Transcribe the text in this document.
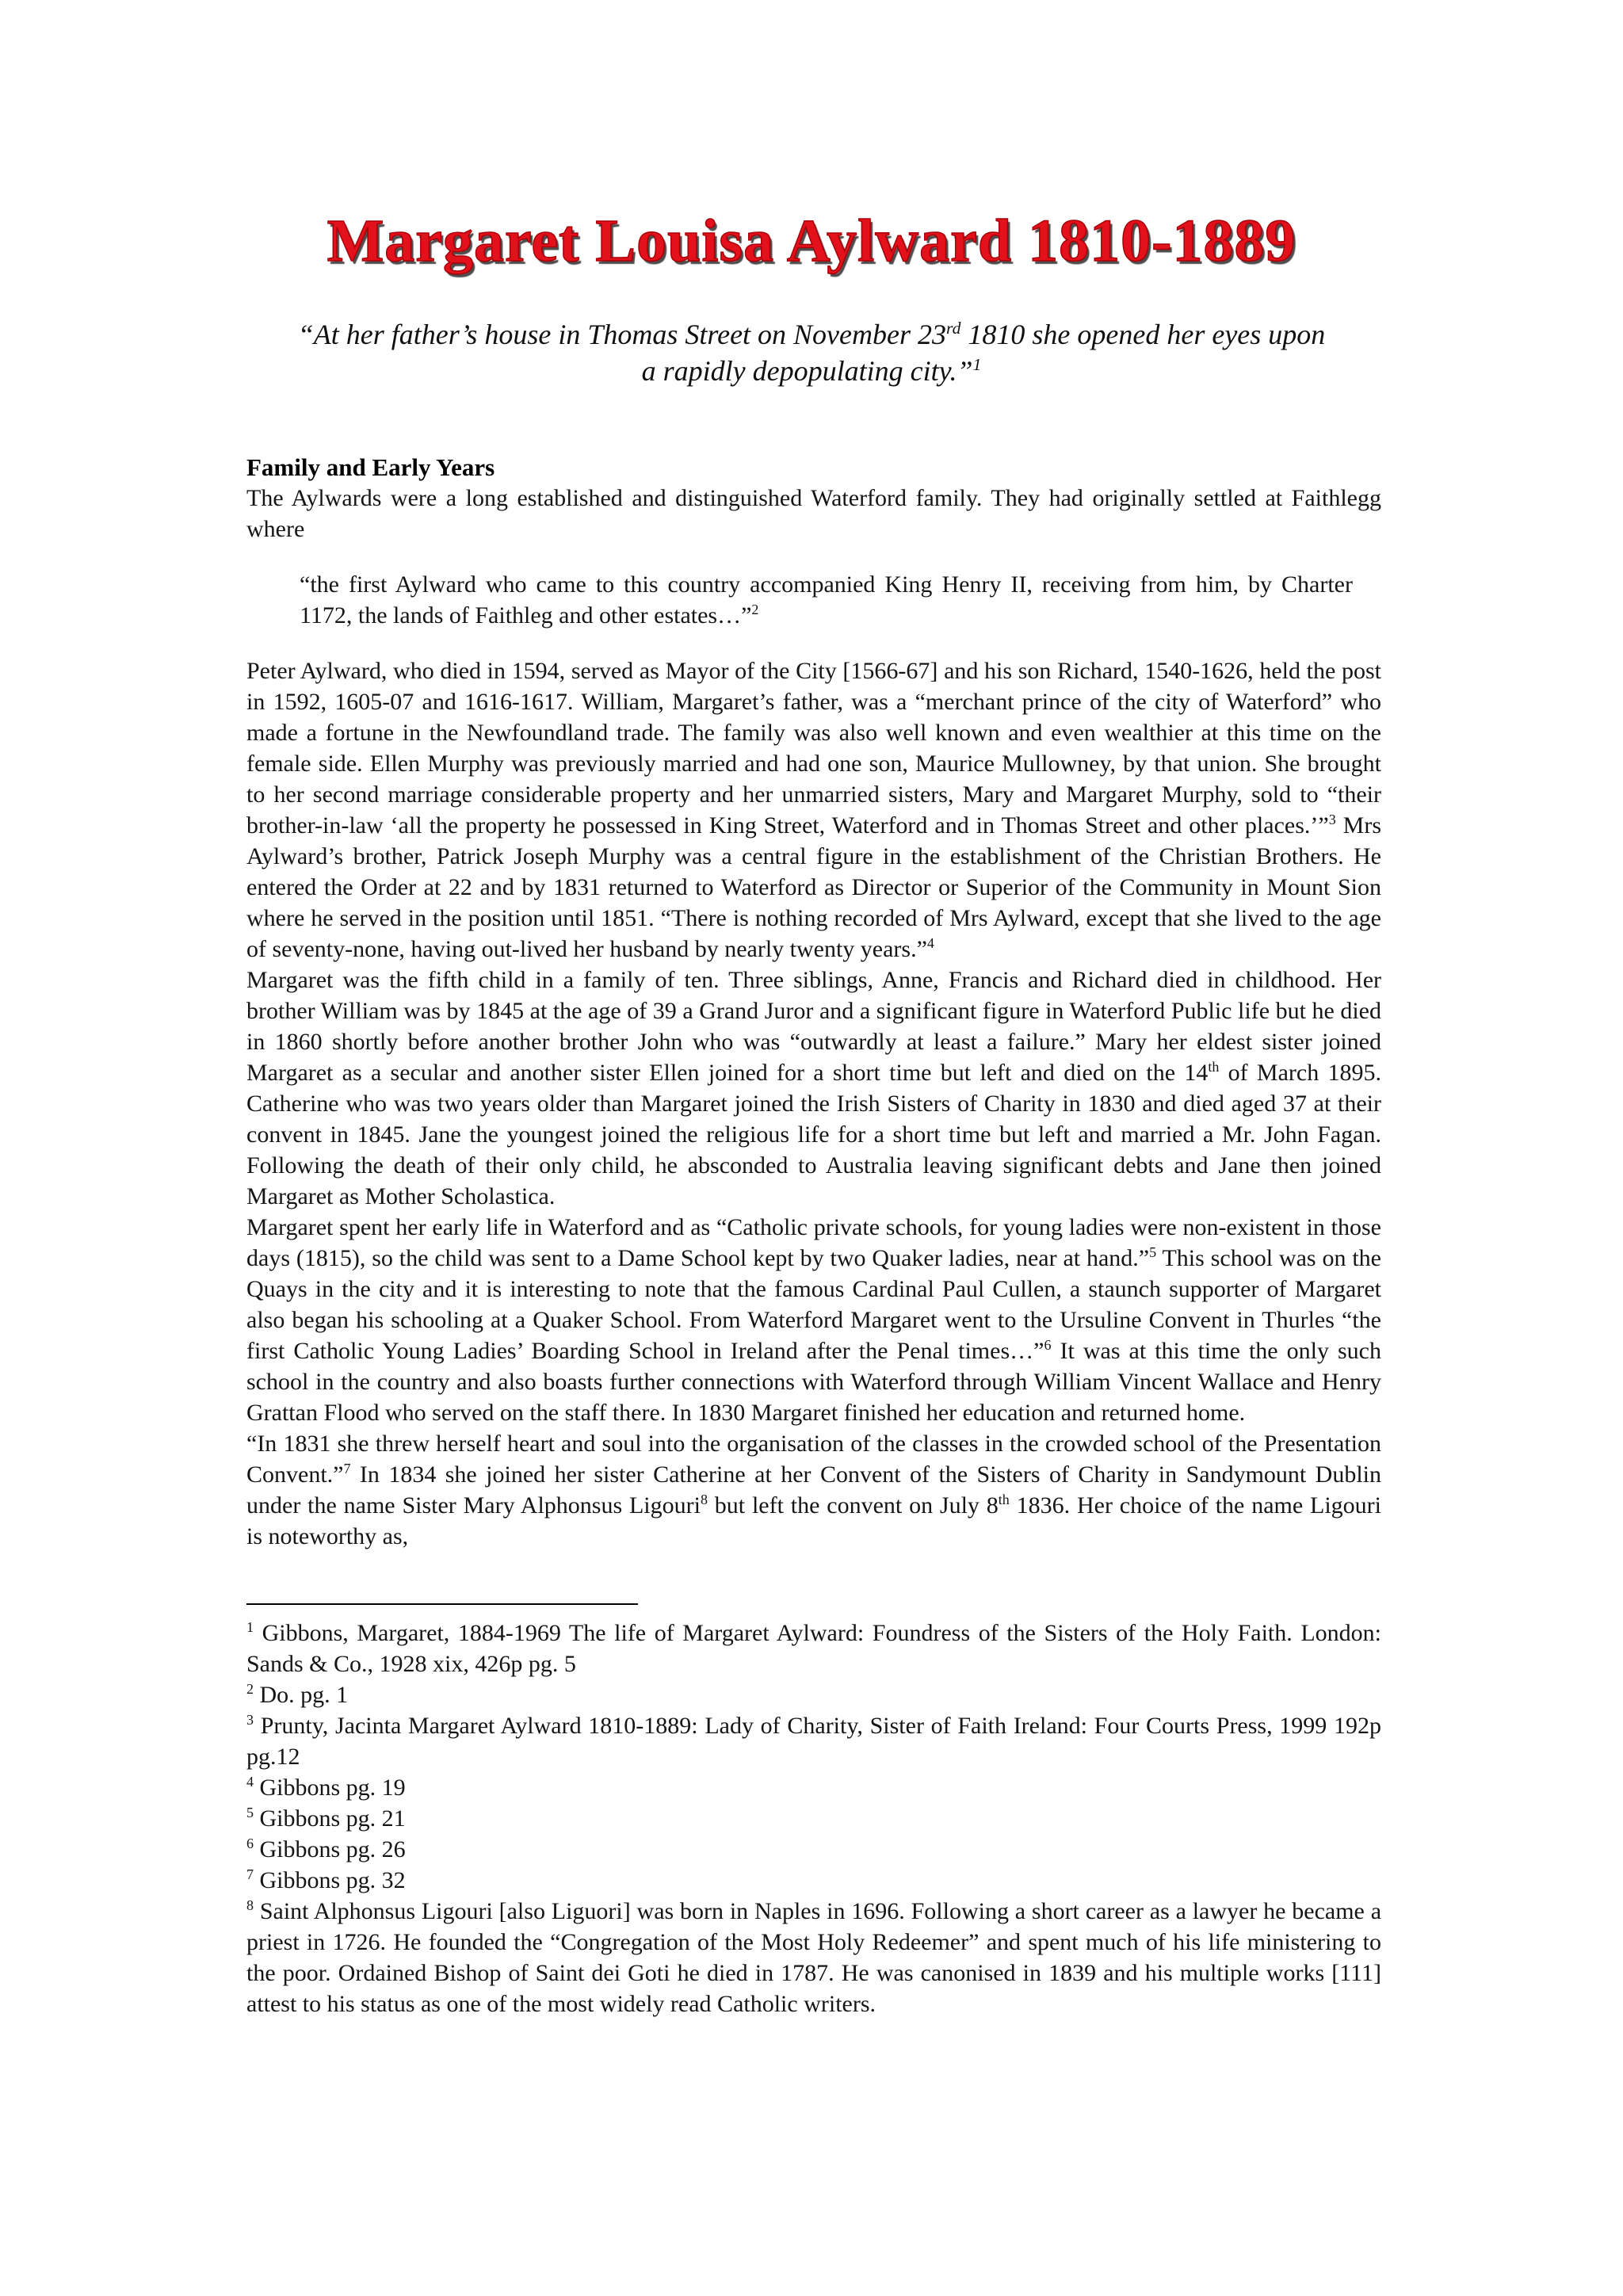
Margaret Louisa Aylward 1810-1889

“At her father’s house in Thomas Street on November 23rd 1810 she opened her eyes upon a rapidly depopulating city.”$^1$

Family and Early Years

The Aylwards were a long established and distinguished Waterford family. They had originally settled at Faithlegg where

“the first Aylward who came to this country accompanied King Henry II, receiving from him, by Charter 1172, the lands of Faithleg and other estates…”$^2$

Peter Aylward, who died in 1594, served as Mayor of the City [1566-67] and his son Richard, 1540-1626, held the post in 1592, 1605-07 and 1616-1617. William, Margaret’s father, was a “merchant prince of the city of Waterford” who made a fortune in the Newfoundland trade. The family was also well known and even wealthier at this time on the female side. Ellen Murphy was previously married and had one son, Maurice Mullowney, by that union. She brought to her second marriage considerable property and her unmarried sisters, Mary and Margaret Murphy, sold to “their brother-in-law ‘all the property he possessed in King Street, Waterford and in Thomas Street and other places.’”$^3$ Mrs Aylward’s brother, Patrick Joseph Murphy was a central figure in the establishment of the Christian Brothers. He entered the Order at 22 and by 1831 returned to Waterford as Director or Superior of the Community in Mount Sion where he served in the position until 1851. “There is nothing recorded of Mrs Aylward, except that she lived to the age of seventy-none, having out-lived her husband by nearly twenty years.”$^4$

Margaret was the fifth child in a family of ten. Three siblings, Anne, Francis and Richard died in childhood. Her brother William was by 1845 at the age of 39 a Grand Juror and a significant figure in Waterford Public life but he died in 1860 shortly before another brother John who was “outwardly at least a failure.” Mary her eldest sister joined Margaret as a secular and another sister Ellen joined for a short time but left and died on the 14th of March 1895. Catherine who was two years older than Margaret joined the Irish Sisters of Charity in 1830 and died aged 37 at their convent in 1845. Jane the youngest joined the religious life for a short time but left and married a Mr. John Fagan. Following the death of their only child, he absconded to Australia leaving significant debts and Jane then joined Margaret as Mother Scholastica.

Margaret spent her early life in Waterford and as “Catholic private schools, for young ladies were non-existent in those days (1815), so the child was sent to a Dame School kept by two Quaker ladies, near at hand.”$^5$ This school was on the Quays in the city and it is interesting to note that the famous Cardinal Paul Cullen, a staunch supporter of Margaret also began his schooling at a Quaker School. From Waterford Margaret went to the Ursuline Convent in Thurles “the first Catholic Young Ladies’ Boarding School in Ireland after the Penal times…”$^6$ It was at this time the only such school in the country and also boasts further connections with Waterford through William Vincent Wallace and Henry Grattan Flood who served on the staff there. In 1830 Margaret finished her education and returned home.

“In 1831 she threw herself heart and soul into the organisation of the classes in the crowded school of the Presentation Convent.”$^7$ In 1834 she joined her sister Catherine at her Convent of the Sisters of Charity in Sandymount Dublin under the name Sister Mary Alphonsus Ligouri$^8$ but left the convent on July 8th 1836. Her choice of the name Ligouri is noteworthy as,

$^1$ Gibbons, Margaret, 1884-1969 The life of Margaret Aylward: Foundress of the Sisters of the Holy Faith. London: Sands & Co., 1928 xix, 426p pg. 5

$^2$ Do. pg. 1

$^3$ Prunty, Jacinta Margaret Aylward 1810-1889: Lady of Charity, Sister of Faith Ireland: Four Courts Press, 1999 192p pg.12

$^4$ Gibbons pg. 19

$^5$ Gibbons pg. 21

$^6$ Gibbons pg. 26

$^7$ Gibbons pg. 32

$^8$ Saint Alphonsus Ligouri [also Liguori] was born in Naples in 1696. Following a short career as a lawyer he became a priest in 1726. He founded the “Congregation of the Most Holy Redeemer” and spent much of his life ministering to the poor. Ordained Bishop of Saint dei Goti he died in 1787. He was canonised in 1839 and his multiple works [111] attest to his status as one of the most widely read Catholic writers.
